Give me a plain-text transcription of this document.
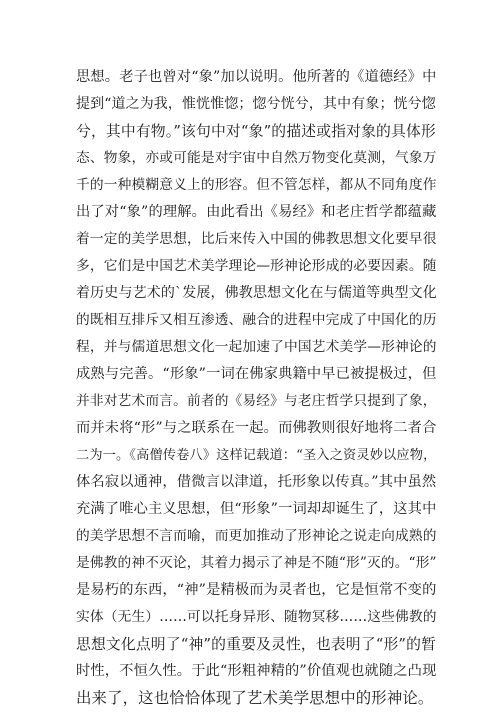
思想。老子也曾对“象”加以说明。他所著的《道德经》中
提到“道之为我，惟恍惟惚；惚兮恍兮，其中有象；恍兮惚
兮，其中有物。”该句中对“象”的描述或指对象的具体形
态、物象，亦或可能是对宇宙中自然万物变化莫测，气象万
千的一种模糊意义上的形容。但不管怎样，都从不同角度作
出了对“象”的理解。由此看出《易经》和老庄哲学都蕴藏
着一定的美学思想，比后来传入中国的佛教思想文化要早很
多，它们是中国艺术美学理论—形神论形成的必要因素。随
着历史与艺术的`发展，佛教思想文化在与儒道等典型文化
的既相互排斥又相互渗透、融合的进程中完成了中国化的历
程，并与儒道思想文化一起加速了中国艺术美学—形神论的
成熟与完善。“形象”一词在佛家典籍中早已被提极过，但
并非对艺术而言。前者的《易经》与老庄哲学只提到了象，
而并未将“形”与之联系在一起。而佛教则很好地将二者合
二为一。《高僧传卷八》这样记载道：“圣入之资灵妙以应物，
体名寂以通神，借微言以津道，托形象以传真。”其中虽然
充满了唯心主义思想，但“形象”一词却却诞生了，这其中
的美学思想不言而喻，而更加推动了形神论之说走向成熟的
是佛教的神不灭论，其着力揭示了神是不随“形”灭的。“形”
是易朽的东西，“神”是精极而为灵者也，它是恒常不变的
实体（无生）……可以托身异形、随物冥移……这些佛教的
思想文化点明了“神”的重要及灵性，也表明了“形”的暂
时性，不恒久性。于此“形粗神精的”价值观也就随之凸现
出来了，这也恰恰体现了艺术美学思想中的形神论。
